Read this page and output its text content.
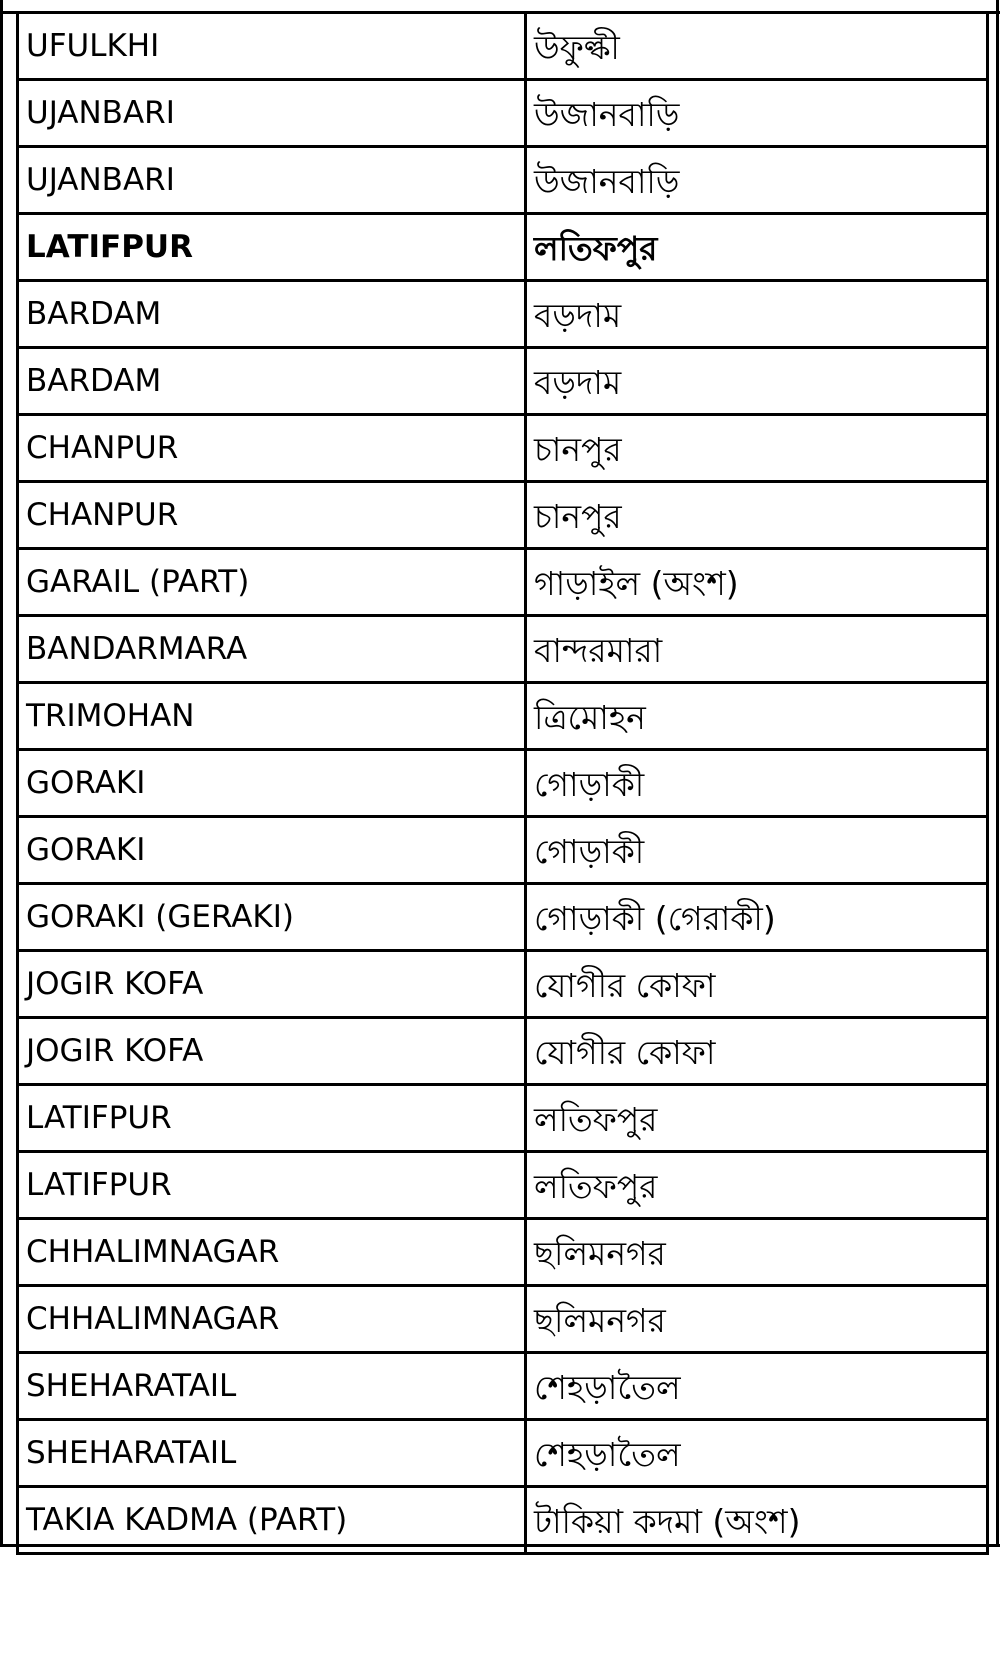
UFULKHI	উফুল্কী
UJANBARI	উজানবাড়ি
UJANBARI	উজানবাড়ি
LATIFPUR	লতিফপুর
BARDAM	বড়দাম
BARDAM	বড়দাম
CHANPUR	চানপুর
CHANPUR	চানপুর
GARAIL (PART)	গাড়াইল (অংশ)
BANDARMARA	বান্দরমারা
TRIMOHAN	ত্রিমোহন
GORAKI	গোড়াকী
GORAKI	গোড়াকী
GORAKI (GERAKI)	গোড়াকী (গেরাকী)
JOGIR KOFA	যোগীর কোফা
JOGIR KOFA	যোগীর কোফা
LATIFPUR	লতিফপুর
LATIFPUR	লতিফপুর
CHHALIMNAGAR	ছলিমনগর
CHHALIMNAGAR	ছলিমনগর
SHEHARATAIL	শেহড়াতৈল
SHEHARATAIL	শেহড়াতৈল
TAKIA KADMA (PART)	টাকিয়া কদমা (অংশ)
